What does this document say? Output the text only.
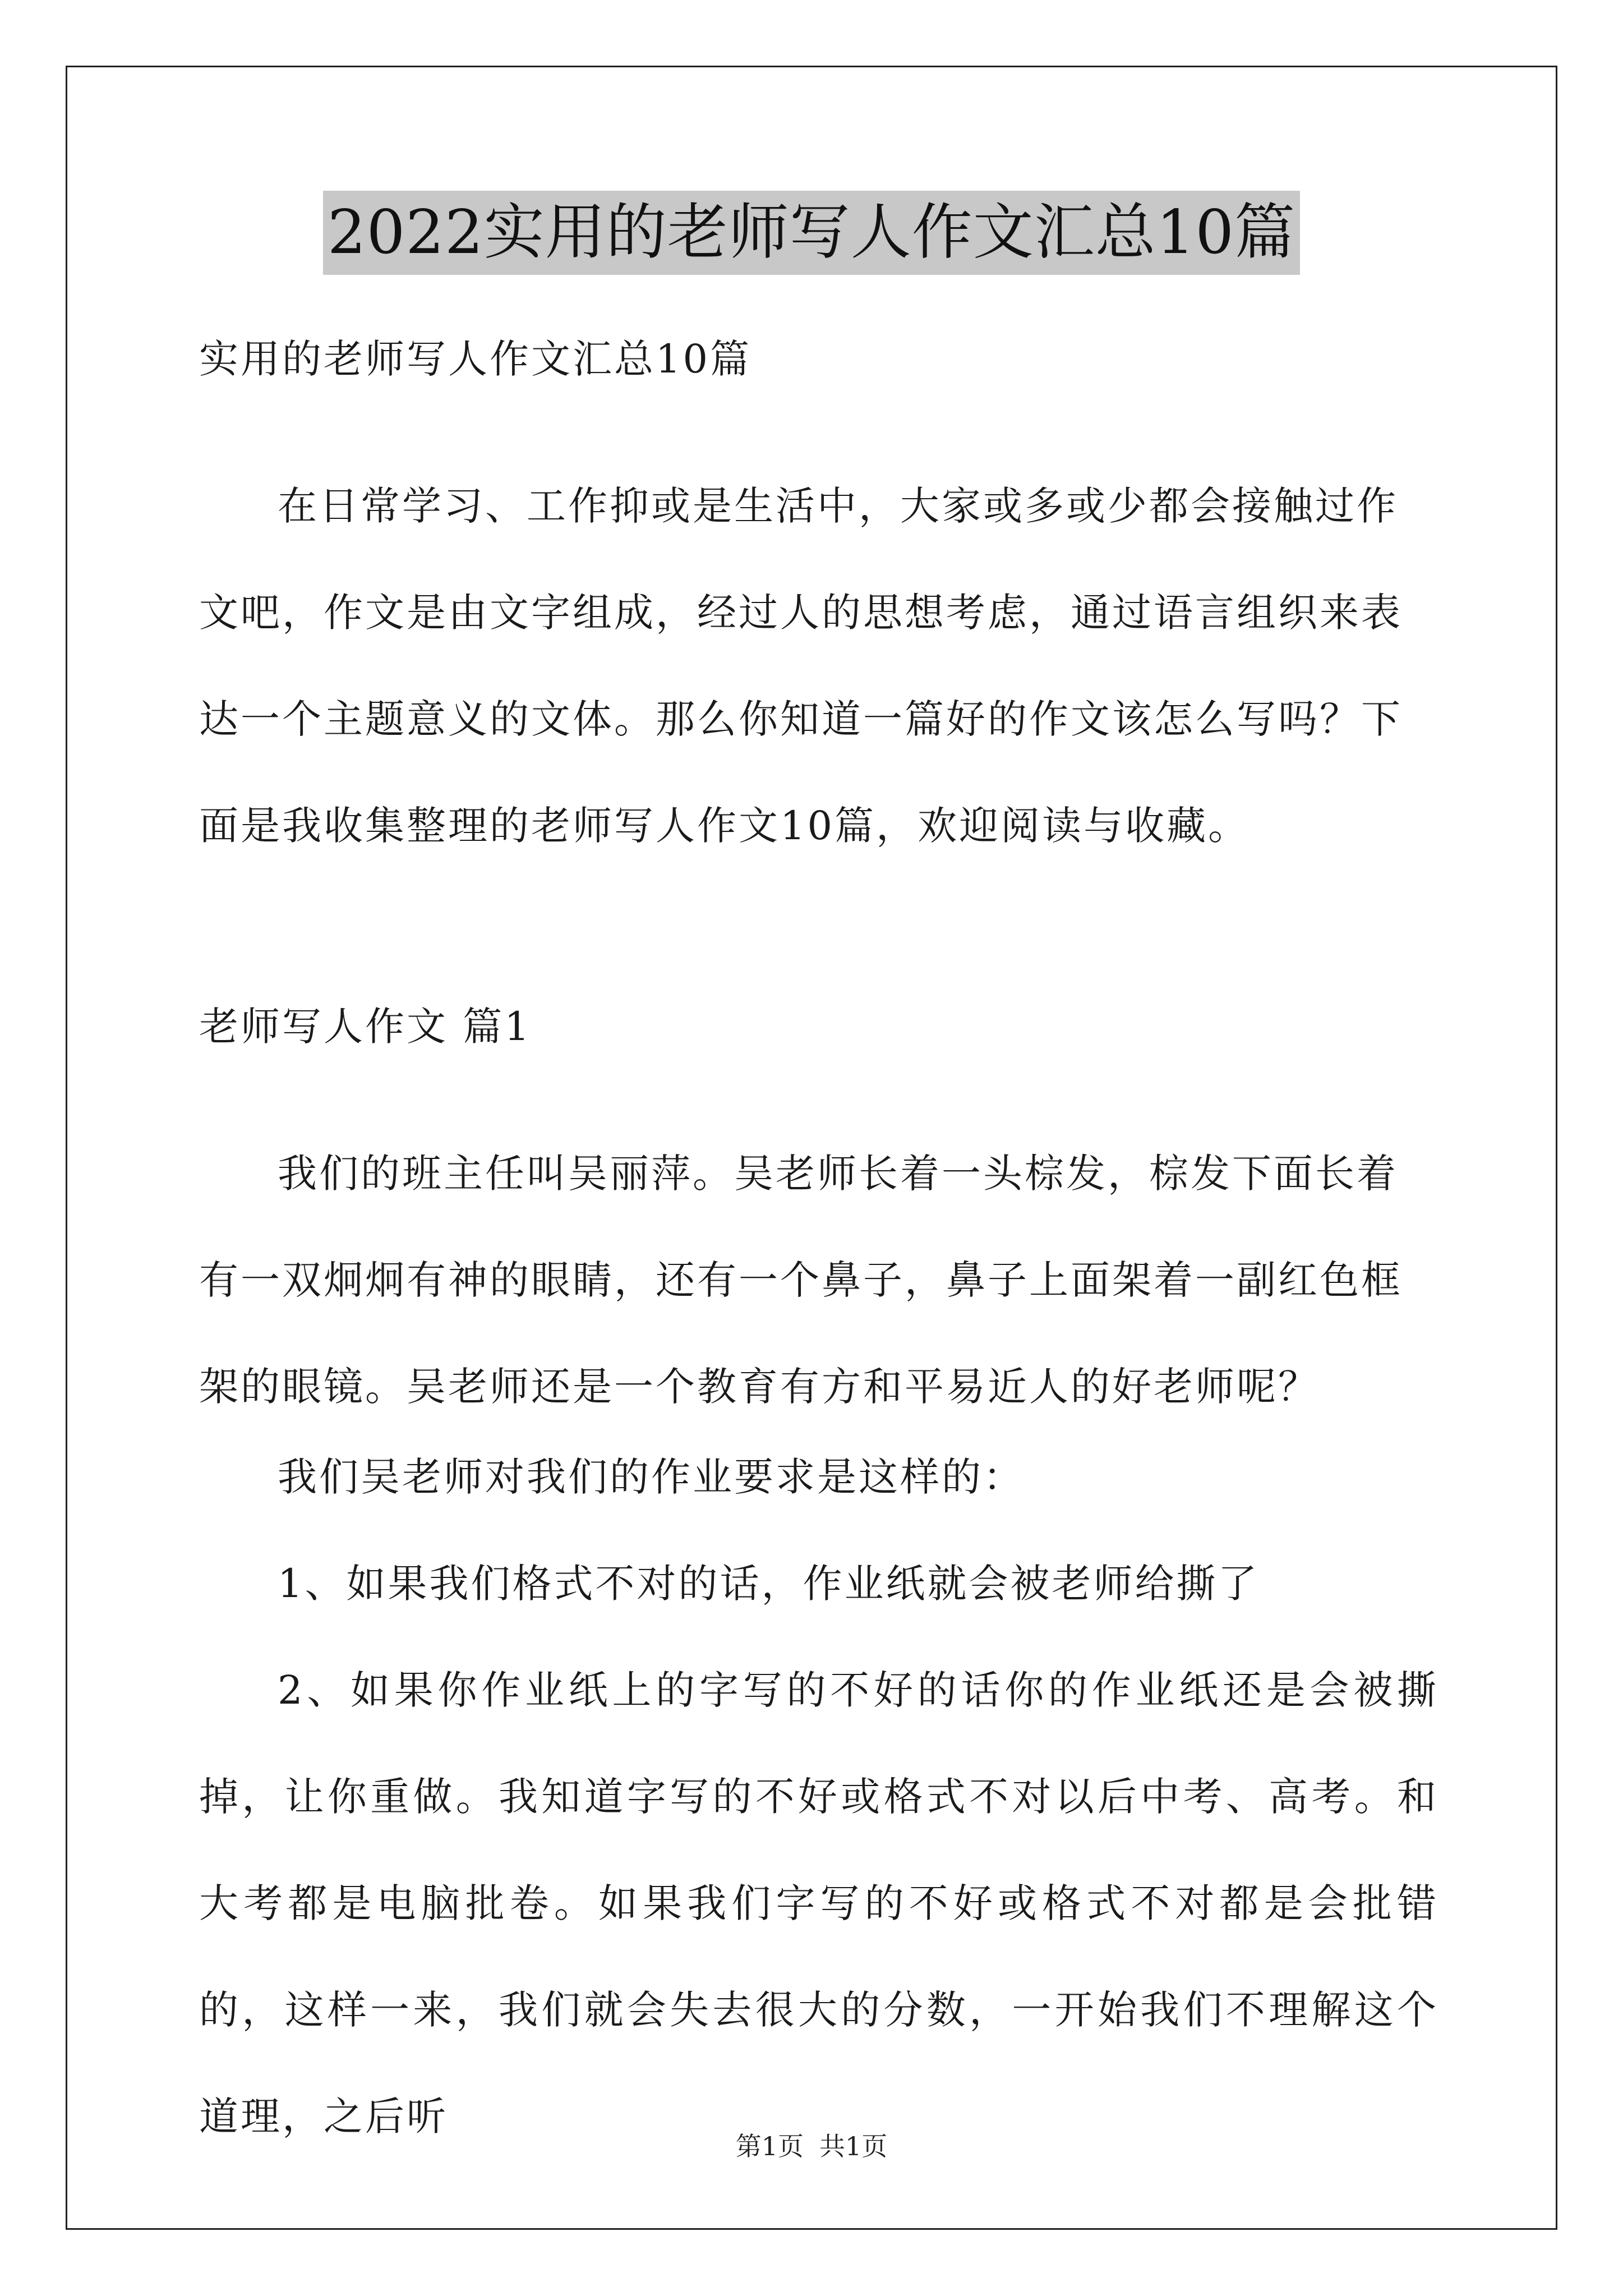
2022实用的老师写人作文汇总10篇

实用的老师写人作文汇总10篇

在日常学习、工作抑或是生活中，大家或多或少都会接触过作文吧，作文是由文字组成，经过人的思想考虑，通过语言组织来表达一个主题意义的文体。那么你知道一篇好的作文该怎么写吗？下面是我收集整理的老师写人作文10篇，欢迎阅读与收藏。

老师写人作文 篇1

我们的班主任叫吴丽萍。吴老师长着一头棕发，棕发下面长着有一双炯炯有神的眼睛，还有一个鼻子，鼻子上面架着一副红色框架的眼镜。吴老师还是一个教育有方和平易近人的好老师呢？

我们吴老师对我们的作业要求是这样的：

1、如果我们格式不对的话，作业纸就会被老师给撕了

2、如果你作业纸上的字写的不好的话你的作业纸还是会被撕掉，让你重做。我知道字写的不好或格式不对以后中考、高考。和大考都是电脑批卷。如果我们字写的不好或格式不对都是会批错的，这样一来，我们就会失去很大的分数，一开始我们不理解这个道理，之后听

第1页 共1页
